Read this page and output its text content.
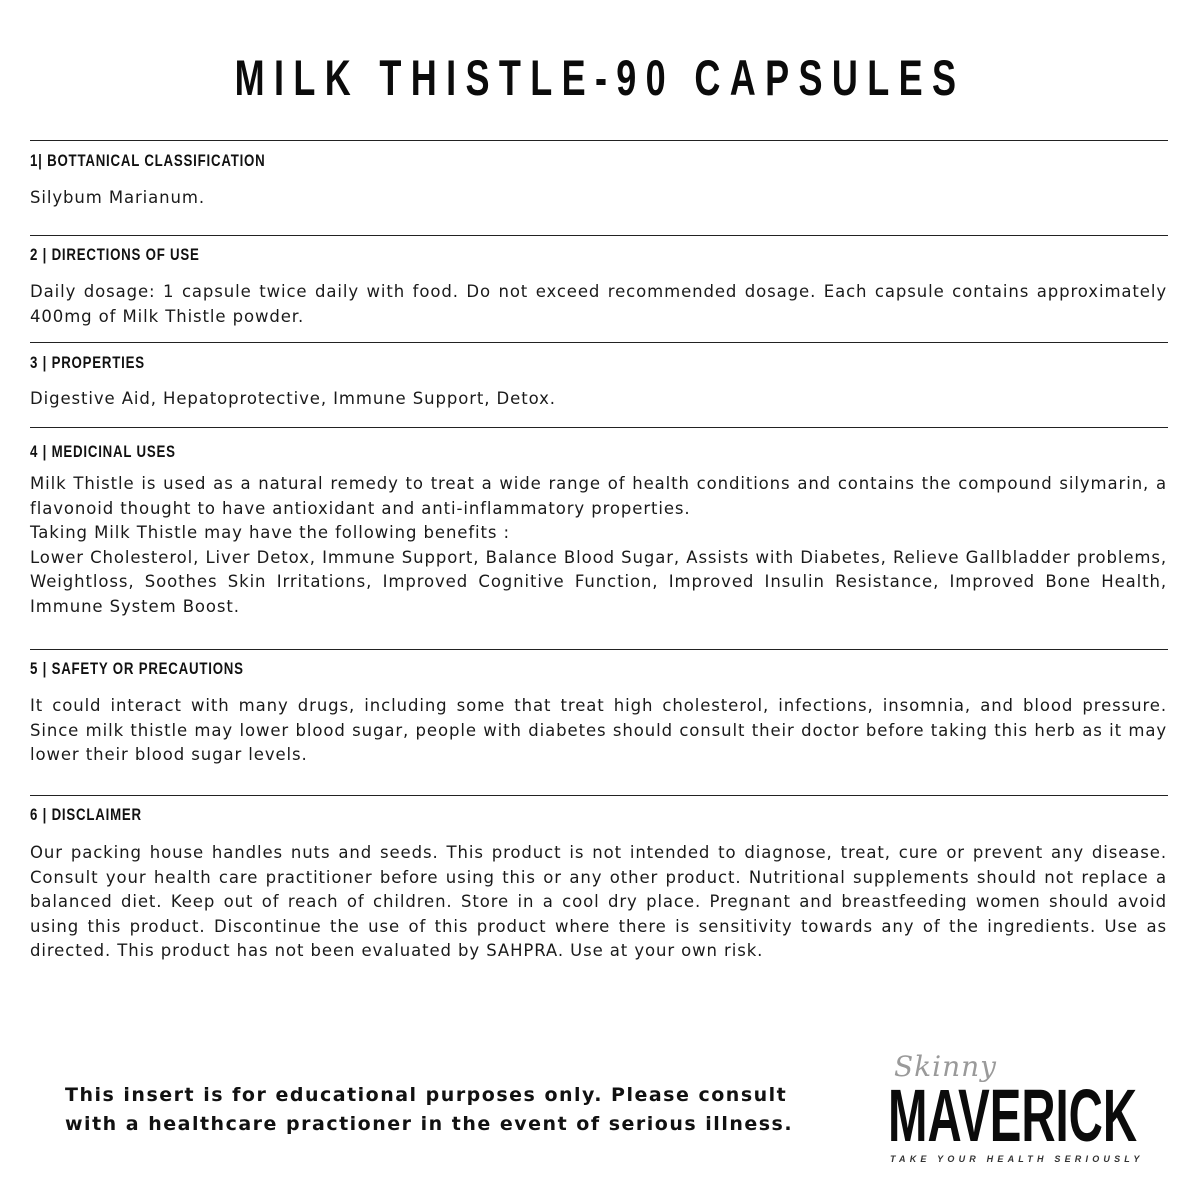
MILK THISTLE-90 CAPSULES
1| BOTTANICAL CLASSIFICATION

Silybum Marianum.

2 | DIRECTIONS OF USE

Daily dosage: 1 capsule twice daily with food. Do not exceed recommended dosage. Each capsule contains approximately 400mg of Milk Thistle powder.

3 | PROPERTIES

Digestive Aid, Hepatoprotective, Immune Support, Detox.

4 | MEDICINAL USES

Milk Thistle is used as a natural remedy to treat a wide range of health conditions and contains the compound silymarin, a flavonoid thought to have antioxidant and anti-inflammatory properties.

Taking Milk Thistle may have the following benefits :

Lower Cholesterol, Liver Detox, Immune Support, Balance Blood Sugar, Assists with Diabetes, Relieve Gallbladder problems, Weightloss, Soothes Skin Irritations, Improved Cognitive Function, Improved Insulin Resistance, Improved Bone Health, Immune System Boost.

5 | SAFETY OR PRECAUTIONS

It could interact with many drugs, including some that treat high cholesterol, infections, insomnia, and blood pressure. Since milk thistle may lower blood sugar, people with diabetes should consult their doctor before taking this herb as it may lower their blood sugar levels.

6 | DISCLAIMER

Our packing house handles nuts and seeds. This product is not intended to diagnose, treat, cure or prevent any disease. Consult your health care practitioner before using this or any other product. Nutritional supplements should not replace a balanced diet. Keep out of reach of children. Store in a cool dry place. Pregnant and breastfeeding women should avoid using this product. Discontinue the use of this product where there is sensitivity towards any of the ingredients. Use as directed. This product has not been evaluated by SAHPRA. Use at your own risk.

This insert is for educational purposes only. Please consult

with a healthcare practioner in the event of serious illness.

Skinny
MAVERICK
TAKE YOUR HEALTH SERIOUSLY
